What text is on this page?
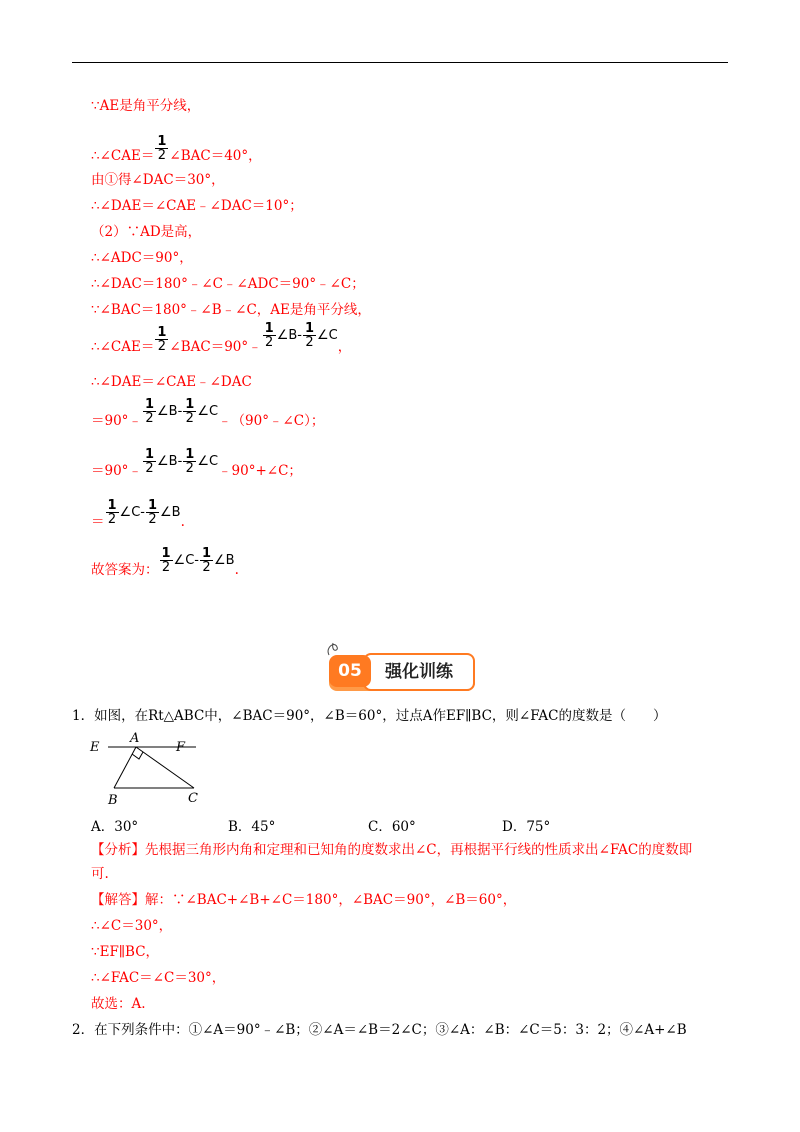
∵AE是角平分线，
∴∠CAE＝ $\frac{1}{2}$ ∠BAC＝40°，
由①得∠DAC＝30°，
∴∠DAE＝∠CAE﹣∠DAC＝10°；
（2）∵AD是高，
∴∠ADC＝90°，
∴∠DAC＝180°﹣∠C﹣∠ADC＝90°﹣∠C；
∵∠BAC＝180°﹣∠B﹣∠C，AE是角平分线，
∴∠CAE＝ $\frac{1}{2}$ ∠BAC＝90°﹣ $\frac{1}{2}$ ∠B- $\frac{1}{2}$ ∠C，
∴∠DAE＝∠CAE﹣∠DAC
＝90°﹣ $\frac{1}{2}$ ∠B- $\frac{1}{2}$ ∠C﹣（90°﹣∠C）；
＝90°﹣ $\frac{1}{2}$ ∠B- $\frac{1}{2}$ ∠C﹣90°+∠C；
＝ $\frac{1}{2}$ ∠C- $\frac{1}{2}$ ∠B.
故答案为： $\frac{1}{2}$ ∠C- $\frac{1}{2}$ ∠B.
强化训练
05
1．如图，在Rt△ABC中，∠BAC＝90°，∠B＝60°，过点A作EF∥BC，则∠FAC的度数是（　　）
E
A
F
B	C
A．30°	B．45°	C．60°	D．75°
【分析】先根据三角形内角和定理和已知角的度数求出∠C，再根据平行线的性质求出∠FAC的度数即
可.
【解答】解：∵∠BAC+∠B+∠C＝180°，∠BAC＝90°，∠B＝60°，
∴∠C＝30°，
∵EF∥BC，
∴∠FAC＝∠C＝30°，
故选：A.
2．在下列条件中：①∠A＝90°﹣∠B；②∠A＝∠B＝2∠C；③∠A：∠B：∠C＝5：3：2；④∠A+∠B
